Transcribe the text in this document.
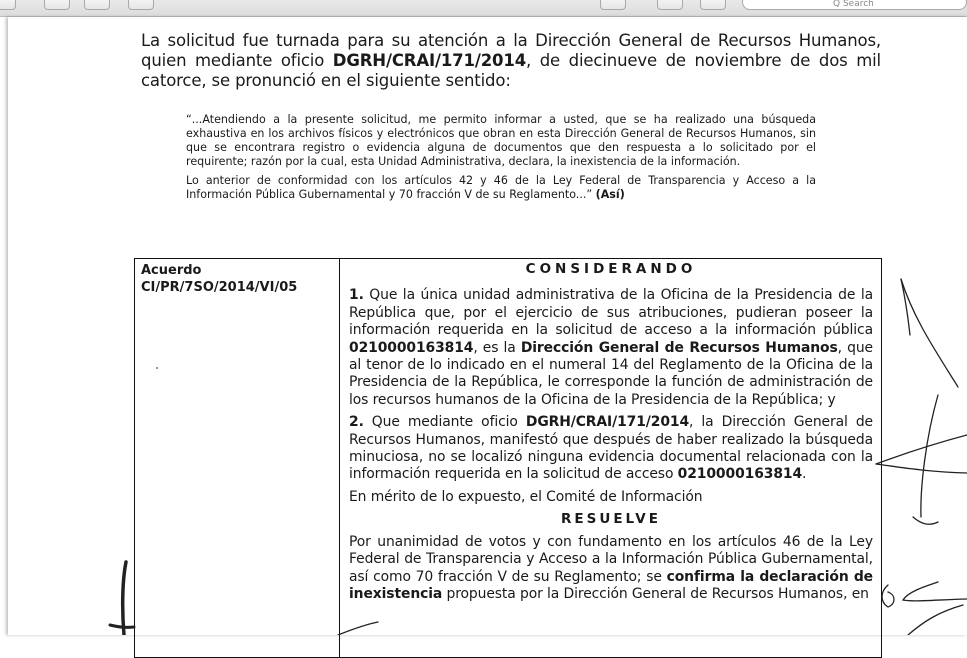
Q Search
La solicitud fue turnada para su atención a la Dirección General de Recursos Humanos, quien mediante oficio DGRH/CRAI/171/2014, de diecinueve de noviembre de dos mil catorce, se pronunció en el siguiente sentido:

“...Atendiendo a la presente solicitud, me permito informar a usted, que se ha realizado una búsqueda exhaustiva en los archivos físicos y electrónicos que obran en esta Dirección General de Recursos Humanos, sin que se encontrara registro o evidencia alguna de documentos que den respuesta a lo solicitado por el requirente; razón por la cual, esta Unidad Administrativa, declara, la inexistencia de la información.

Lo anterior de conformidad con los artículos 42 y 46 de la Ley Federal de Transparencia y Acceso a la Información Pública Gubernamental y 70 fracción V de su Reglamento...” (Así)

Acuerdo
CI/PR/7SO/2014/VI/05

CONSIDERANDO

1. Que la única unidad administrativa de la Oficina de la Presidencia de la República que, por el ejercicio de sus atribuciones, pudieran poseer la información requerida en la solicitud de acceso a la información pública 0210000163814, es la Dirección General de Recursos Humanos, que al tenor de lo indicado en el numeral 14 del Reglamento de la Oficina de la Presidencia de la República, le corresponde la función de administración de los recursos humanos de la Oficina de la Presidencia de la República; y

2. Que mediante oficio DGRH/CRAI/171/2014, la Dirección General de Recursos Humanos, manifestó que después de haber realizado la búsqueda minuciosa, no se localizó ninguna evidencia documental relacionada con la información requerida en la solicitud de acceso 0210000163814.

En mérito de lo expuesto, el Comité de Información

RESUELVE

Por unanimidad de votos y con fundamento en los artículos 46 de la Ley Federal de Transparencia y Acceso a la Información Pública Gubernamental, así como 70 fracción V de su Reglamento; se confirma la declaración de inexistencia propuesta por la Dirección General de Recursos Humanos, en
